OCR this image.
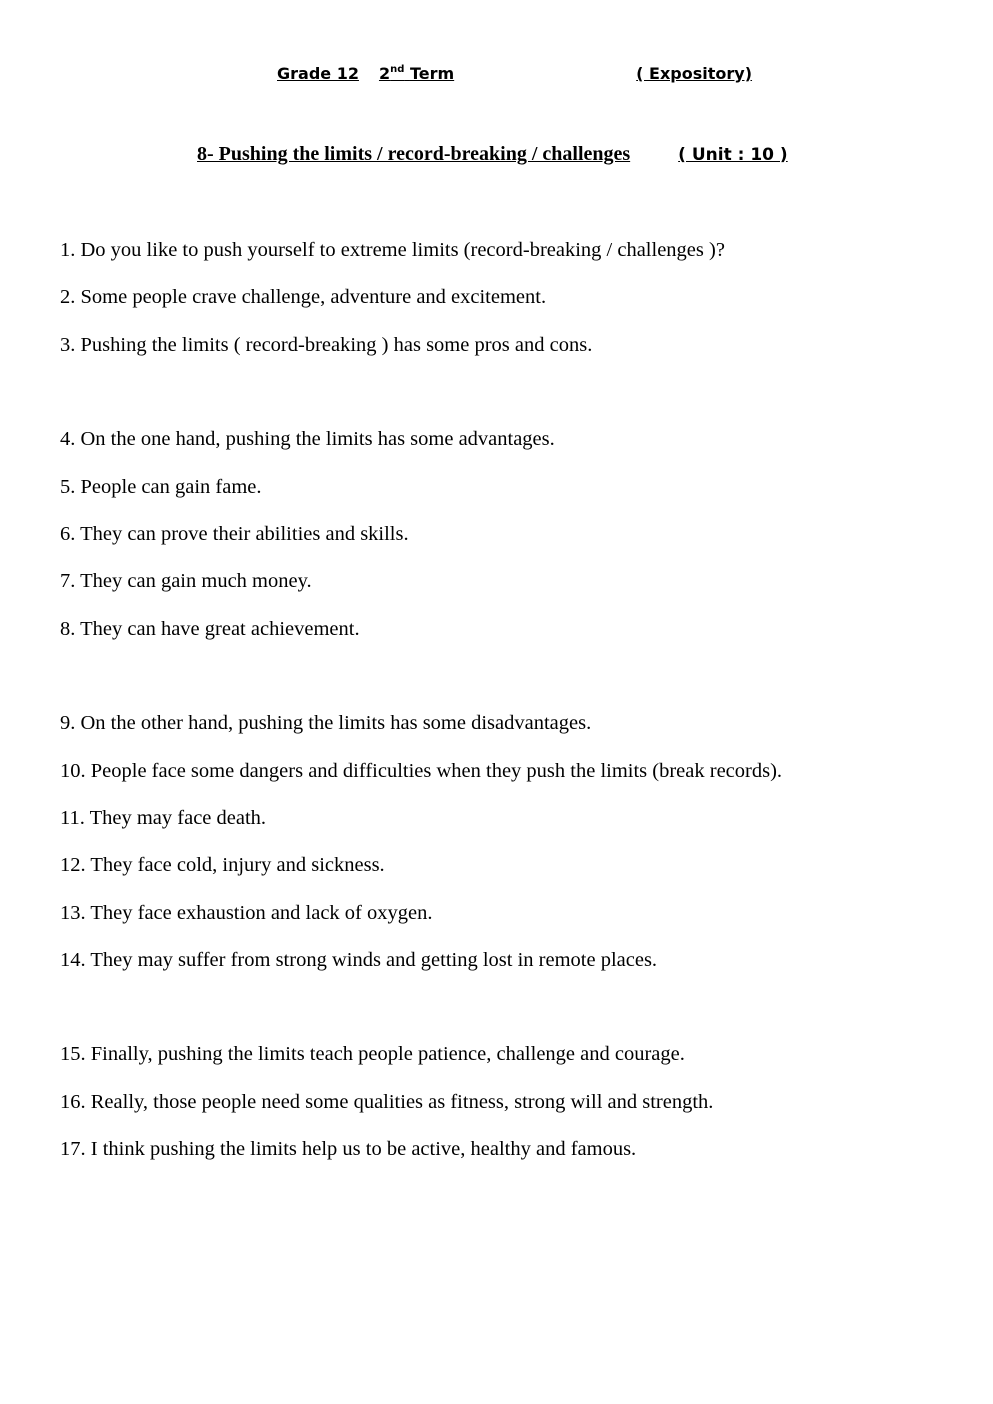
Grade 12 2nd Term	( Expository)
8- Pushing the limits / record-breaking / challenges	( Unit : 10 )
1. Do you like to push yourself to extreme limits (record-breaking / challenges )?
2. Some people crave challenge, adventure and excitement.
3. Pushing the limits ( record-breaking ) has some pros and cons.
4. On the one hand, pushing the limits has some advantages.
5. People can gain fame.
6. They can prove their abilities and skills.
7. They can gain much money.
8. They can have great achievement.
9. On the other hand, pushing the limits has some disadvantages.
10. People face some dangers and difficulties when they push the limits (break records).
11. They may face death.
12. They face cold, injury and sickness.
13. They face exhaustion and lack of oxygen.
14. They may suffer from strong winds and getting lost in remote places.
15. Finally, pushing the limits teach people patience, challenge and courage.
16. Really, those people need some qualities as fitness, strong will and strength.
17. I think pushing the limits help us to be active, healthy and famous.
